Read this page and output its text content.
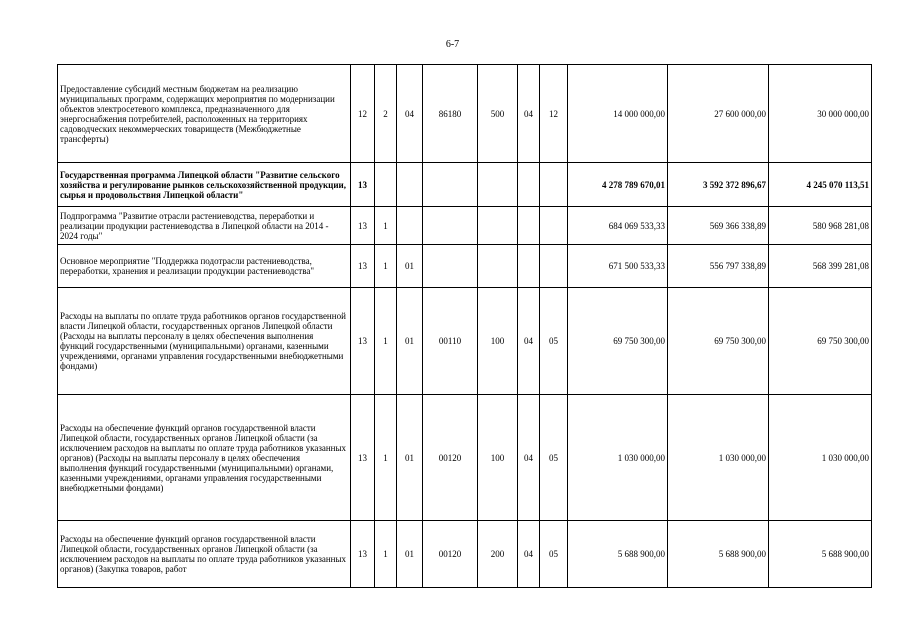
6-7
Предоставление субсидий местным бюджетам на реализацию муниципальных программ, содержащих мероприятия по модернизации объектов электросетевого комплекса, предназначенного для энергоснабжения потребителей, расположенных на территориях садоводческих некоммерческих товариществ (Межбюджетные трансферты)	12	2	04	86180	500	04	12	14 000 000,00	27 600 000,00	30 000 000,00
Государственная программа Липецкой области "Развитие сельского хозяйства и регулирование рынков сельскохозяйственной продукции, сырья и продовольствия Липецкой области"	13							4 278 789 670,01	3 592 372 896,67	4 245 070 113,51
Подпрограмма "Развитие отрасли растениеводства, переработки и реализации продукции растениеводства в Липецкой области на 2014 - 2024 годы"	13	1						684 069 533,33	569 366 338,89	580 968 281,08
Основное мероприятие "Поддержка подотрасли растениеводства, переработки, хранения и реализации продукции растениеводства"	13	1	01					671 500 533,33	556 797 338,89	568 399 281,08
Расходы на выплаты по оплате труда работников органов государственной власти Липецкой области, государственных органов Липецкой области (Расходы на выплаты персоналу в целях обеспечения выполнения функций государственными (муниципальными) органами, казенными учреждениями, органами управления государственными внебюджетными фондами)	13	1	01	00110	100	04	05	69 750 300,00	69 750 300,00	69 750 300,00
Расходы на обеспечение функций органов государственной власти Липецкой области, государственных органов Липецкой области (за исключением расходов на выплаты по оплате труда работников указанных органов) (Расходы на выплаты персоналу в целях обеспечения выполнения функций государственными (муниципальными) органами, казенными учреждениями, органами управления государственными внебюджетными фондами)	13	1	01	00120	100	04	05	1 030 000,00	1 030 000,00	1 030 000,00
Расходы на обеспечение функций органов государственной власти Липецкой области, государственных органов Липецкой области (за исключением расходов на выплаты по оплате труда работников указанных органов) (Закупка товаров, работ	13	1	01	00120	200	04	05	5 688 900,00	5 688 900,00	5 688 900,00
